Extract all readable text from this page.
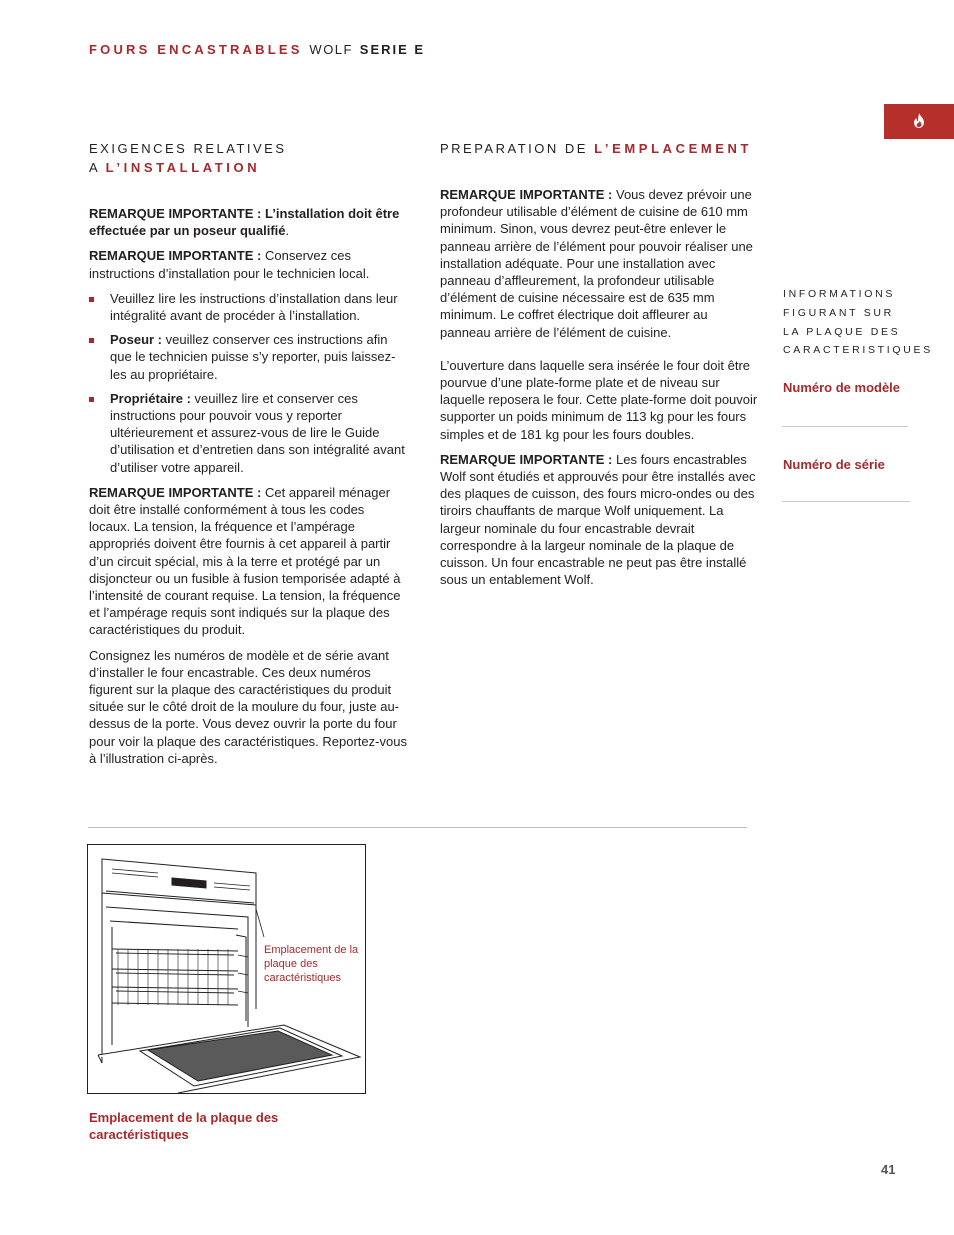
FOURS ENCASTRABLES WOLF SERIE E
EXIGENCES RELATIVES
A L’INSTALLATION

REMARQUE IMPORTANTE : L’installation doit être effectuée par un poseur qualifié.

REMARQUE IMPORTANTE : Conservez ces instructions d’installation pour le technicien local.

Veuillez lire les instructions d’installation dans leur intégralité avant de procéder à l’installation.
Poseur : veuillez conserver ces instructions afin que le technicien puisse s’y reporter, puis laissez-les au propriétaire.
Propriétaire : veuillez lire et conserver ces instructions pour pouvoir vous y reporter ultérieurement et assurez-vous de lire le Guide d’utilisation et d’entretien dans son intégralité avant d’utiliser votre appareil.

REMARQUE IMPORTANTE : Cet appareil ménager doit être installé conformément à tous les codes locaux. La tension, la fréquence et l’ampérage appropriés doivent être fournis à cet appareil à partir d’un circuit spécial, mis à la terre et protégé par un disjoncteur ou un fusible à fusion temporisée adapté à l’intensité de courant requise. La tension, la fréquence et l’ampérage requis sont indiqués sur la plaque des caractéristiques du produit.

Consignez les numéros de modèle et de série avant d’installer le four encastrable. Ces deux numéros figurent sur la plaque des caractéristiques du produit située sur le côté droit de la moulure du four, juste au-dessus de la porte. Vous devez ouvrir la porte du four pour voir la plaque des caractéristiques. Reportez-vous à l’illustration ci-après.

PREPARATION DE L’EMPLACEMENT

REMARQUE IMPORTANTE : Vous devez prévoir une profondeur utilisable d’élément de cuisine de 610 mm minimum. Sinon, vous devrez peut-être enlever le panneau arrière de l’élément pour pouvoir réaliser une installation adéquate. Pour une installation avec panneau d’affleurement, la profondeur utilisable d’élément de cuisine nécessaire est de 635 mm minimum. Le coffret électrique doit affleurer au panneau arrière de l’élément de cuisine.

L’ouverture dans laquelle sera insérée le four doit être pourvue d’une plate-forme plate et de niveau sur laquelle reposera le four. Cette plate-forme doit pouvoir supporter un poids minimum de 113 kg pour les fours simples et de 181 kg pour les fours doubles.

REMARQUE IMPORTANTE : Les fours encastrables Wolf sont étudiés et approuvés pour être installés avec des plaques de cuisson, des fours micro-ondes ou des tiroirs chauffants de marque Wolf uniquement. La largeur nominale du four encastrable devrait correspondre à la largeur nominale de la plaque de cuisson. Un four encastrable ne peut pas être installé sous un entablement Wolf.

INFORMATIONS
FIGURANT SUR
LA PLAQUE DES
CARACTERISTIQUES
Numéro de modèle
Numéro de série
Emplacement de la plaque des caractéristiques
Emplacement de la plaque des caractéristiques
41
